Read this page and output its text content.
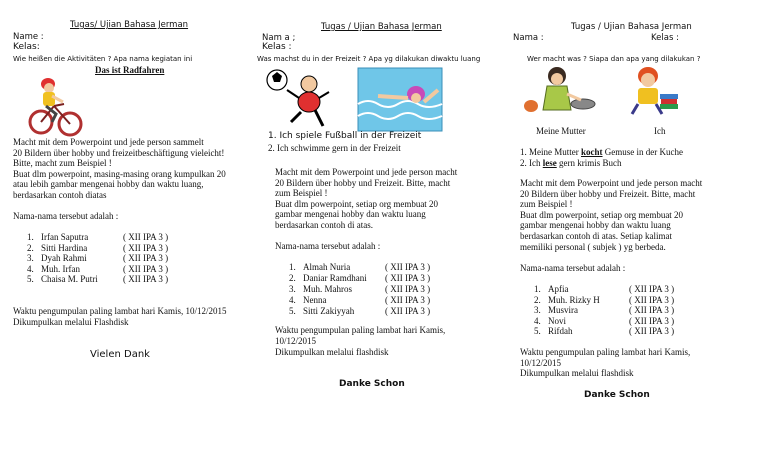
Tugas/ Ujian Bahasa Jerman
Name :
Kelas:
Wie heißen die Aktivitäten ? Apa nama kegiatan ini
Das ist Radfahren
Macht mit dem Powerpoint und jede person sammelt
20 Bildern über hobby und freizeitbeschäftigung vieleicht!
Bitte, macht zum Beispiel !
Buat dlm powerpoint, masing-masing orang kumpulkan 20
atau lebih gambar mengenai hobby dan waktu luang,
berdasarkan contoh diatas
Nama-nama tersebut adalah :
1. Irfan Saputra	( XII IPA 3 )
2. Sitti Hardina	( XII IPA 3 )
3. Dyah Rahmi	( XII IPA 3 )
4. Muh. Irfan	( XII IPA 3 )
5. Chaisa M. Putri	( XII IPA 3 )
Waktu pengumpulan paling lambat hari Kamis, 10/12/2015
Dikumpulkan melalui Flashdisk
Vielen Dank
Tugas / Ujian Bahasa Jerman
Nam a ;
Kelas :
Was machst du in der Freizeit ? Apa yg dilakukan diwaktu luang
1. Ich spiele Fußball in der Freizeit
2. Ich schwimme gern in der Freizeit
Macht mit dem Powerpoint und jede person macht
20 Bildern über hobby und Freizeit. Bitte, macht
zum Beispiel !
Buat dlm powerpoint, setiap org membuat 20
gambar mengenai hobby dan waktu luang
berdasarkan contoh di atas.
Nama-nama tersebut adalah :
1. Almah Nuria	( XII IPA 3 )
2. Daniar Ramdhani ( XII IPA 3 )
3. Muh. Mahros	( XII IPA 3 )
4. Nenna	( XII IPA 3 )
5. Sitti Zakiyyah	( XII IPA 3 )
Waktu pengumpulan paling lambat hari Kamis,
10/12/2015
Dikumpulkan melalui flashdisk
Danke Schon
Tugas / Ujian Bahasa Jerman
Nama :	Kelas :
Wer macht was ? Siapa dan apa yang dilakukan ?
Meine Mutter	Ich
1. Meine Mutter kocht Gemuse in der Kuche
2. Ich lese gern krimis Buch
Macht mit dem Powerpoint und jede person macht
20 Bildern über hobby und Freizeit. Bitte, macht
zum Beispiel !
Buat dlm powerpoint, setiap org membuat 20
gambar mengenai hobby dan waktu luang
berdasarkan contoh di atas. Setiap kalimat
memiliki personal ( subjek ) yg berbeda.
Nama-nama tersebut adalah :
1. Apfia	( XII IPA 3 )
2. Muh. Rizky H	( XII IPA 3 )
3. Musvira	( XII IPA 3 )
4. Novi	( XII IPA 3 )
5. Rifdah	( XII IPA 3 )
Waktu pengumpulan paling lambat hari Kamis,
10/12/2015
Dikumpulkan melalui flashdisk
Danke Schon
